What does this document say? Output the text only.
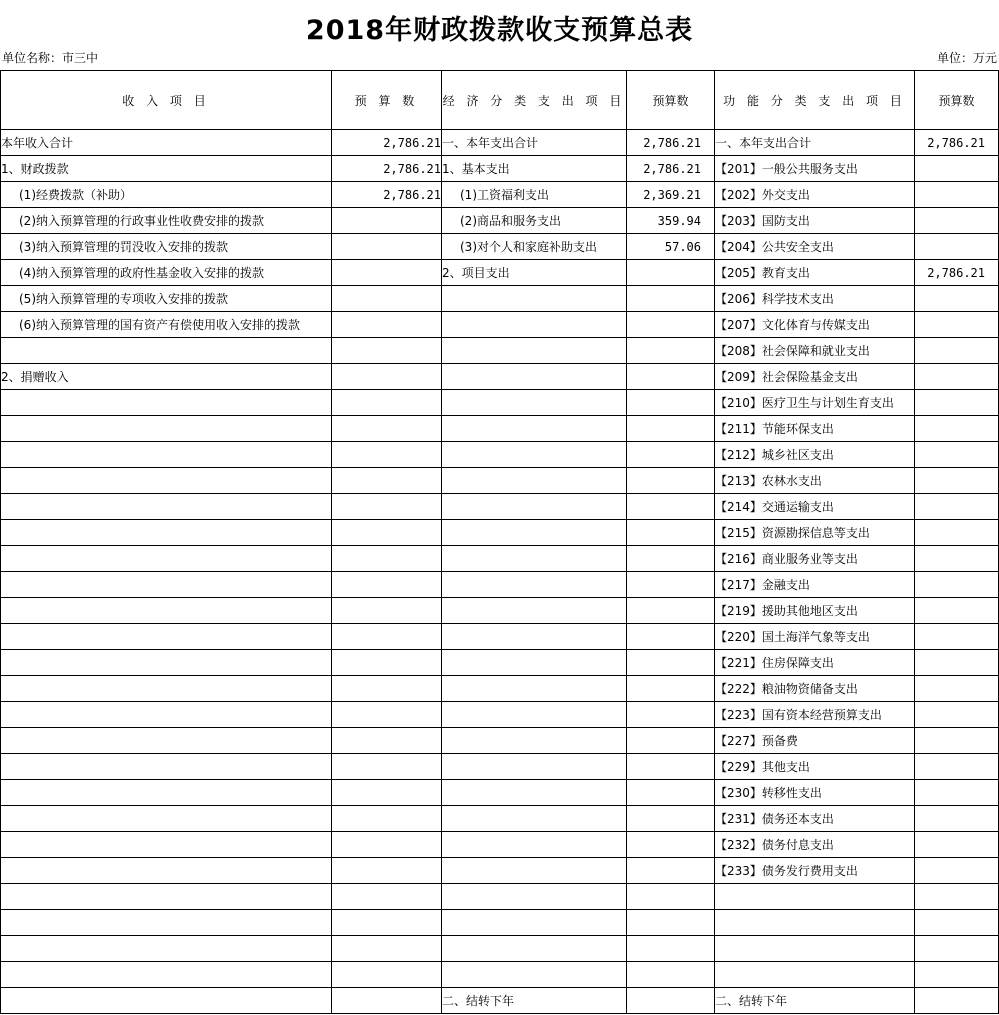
2018年财政拨款收支预算总表
单位名称：市三中	单位：万元
收 入 项 目	预 算 数	经 济 分 类 支 出 项 目	预算数	功 能 分 类 支 出 项 目	预算数
本年收入合计	2,786.21	一、本年支出合计	2,786.21	一、本年支出合计	2,786.21
1、财政拨款	2,786.21	1、基本支出	2,786.21	【201】一般公共服务支出	
(1)经费拨款（补助）	2,786.21	(1)工资福利支出	2,369.21	【202】外交支出	
(2)纳入预算管理的行政事业性收费安排的拨款		(2)商品和服务支出	359.94	【203】国防支出	
(3)纳入预算管理的罚没收入安排的拨款		(3)对个人和家庭补助支出	57.06	【204】公共安全支出	
(4)纳入预算管理的政府性基金收入安排的拨款		2、项目支出		【205】教育支出	2,786.21
(5)纳入预算管理的专项收入安排的拨款				【206】科学技术支出	
(6)纳入预算管理的国有资产有偿使用收入安排的拨款				【207】文化体育与传媒支出	
				【208】社会保障和就业支出	
2、捐赠收入				【209】社会保险基金支出	
				【210】医疗卫生与计划生育支出	
				【211】节能环保支出	
				【212】城乡社区支出	
				【213】农林水支出	
				【214】交通运输支出	
				【215】资源勘探信息等支出	
				【216】商业服务业等支出	
				【217】金融支出	
				【219】援助其他地区支出	
				【220】国土海洋气象等支出	
				【221】住房保障支出	
				【222】粮油物资储备支出	
				【223】国有资本经营预算支出	
				【227】预备费	
				【229】其他支出	
				【230】转移性支出	
				【231】债务还本支出	
				【232】债务付息支出	
				【233】债务发行费用支出	

		二、结转下年		二、结转下年	
